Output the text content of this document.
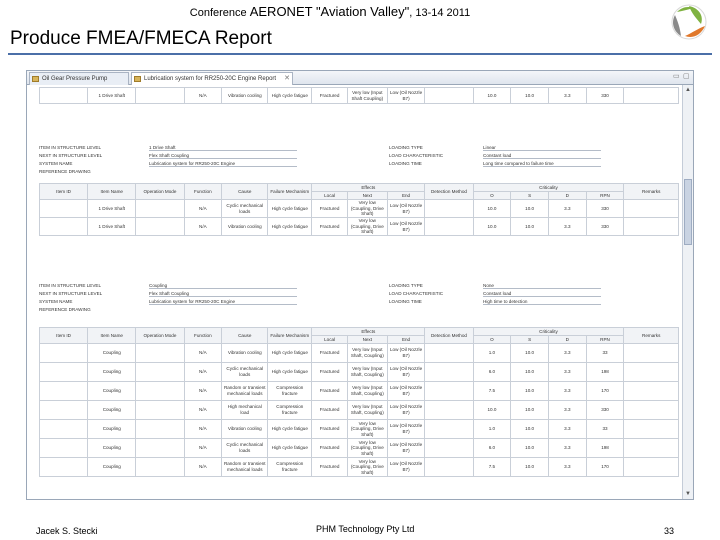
Conference AERONET "Aviation Valley", 13-14 2011
Produce FMEA/FMECA Report
Oil Gear Pressure Pump	Lubrication system for RR250-20C Engine Report ✕	▭ ▢
	1 Drive Shaft		N/A	Vibration cooling	High cycle fatigue	Fractured	Very low (Input Shaft Coupling)	Low (Oil Nozzle B7)		10.0	10.0	3.3	330	
ITEM IN STRUCTURE LEVEL	1 Drive Shaft	LOADING TYPE	Linear
NEXT IN STRUCTURE LEVEL	Flex Shaft Coupling	LOAD CHARACTERISTIC	Constant load
SYSTEM NAME	Lubrication system for RR250-20C Engine	LOADING TIME	Long time compared to failure time
REFERENCE DRAWING
Item ID	Item Name	Operation Mode	Function	Cause	Failure Mechanism	Effects			Detection Method	Criticality				Remarks
						Local	Next	End		O	S	D	RPN	
	1 Drive Shaft		N/A	Cyclic mechanical loads	High cycle fatigue	Fractured	Very low (Coupling, Drive Shaft)	Low (Oil Nozzle B7)		10.0	10.0	3.3	330	
	1 Drive Shaft		N/A	Vibration cooling	High cycle fatigue	Fractured	Very low (Coupling, Drive Shaft)	Low (Oil Nozzle B7)		10.0	10.0	3.3	330	
ITEM IN STRUCTURE LEVEL	Coupling	LOADING TYPE	None
NEXT IN STRUCTURE LEVEL	Flex Shaft Coupling	LOAD CHARACTERISTIC	Constant load
SYSTEM NAME	Lubrication system for RR250-20C Engine	LOADING TIME	High time to detection
REFERENCE DRAWING
Item ID	Item Name	Operation Mode	Function	Cause	Failure Mechanism	Effects			Detection Method	Criticality				Remarks
						Local	Next	End		O	S	D	RPN	
	Coupling		N/A	Vibration cooling	High cycle fatigue	Fractured	Very low (Input Shaft, Coupling)	Low (Oil Nozzle B7)		1.0	10.0	3.3	33	
	Coupling		N/A	Cyclic mechanical loads	High cycle fatigue	Fractured	Very low (Input Shaft, Coupling)	Low (Oil Nozzle B7)		6.0	10.0	3.3	198	
	Coupling		N/A	Random or transient mechanical loads	Compression fracture	Fractured	Very low (Input Shaft, Coupling)	Low (Oil Nozzle B7)		7.5	10.0	3.3	170	
	Coupling		N/A	High mechanical load	Compression fracture	Fractured	Very low (Input Shaft, Coupling)	Low (Oil Nozzle B7)		10.0	10.0	3.3	330	
	Coupling		N/A	Vibration cooling	High cycle fatigue	Fractured	Very low (Coupling, Drive Shaft)	Low (Oil Nozzle B7)		1.0	10.0	3.3	33	
	Coupling		N/A	Cyclic mechanical loads	High cycle fatigue	Fractured	Very low (Coupling, Drive Shaft)	Low (Oil Nozzle B7)		6.0	10.0	3.3	198	
	Coupling		N/A	Random or transient mechanical loads	Compression fracture	Fractured	Very low (Coupling, Drive Shaft)	Low (Oil Nozzle B7)		7.5	10.0	3.3	170	
▲
▼
Jacek S. Stecki	PHM Technology Pty Ltd	33
